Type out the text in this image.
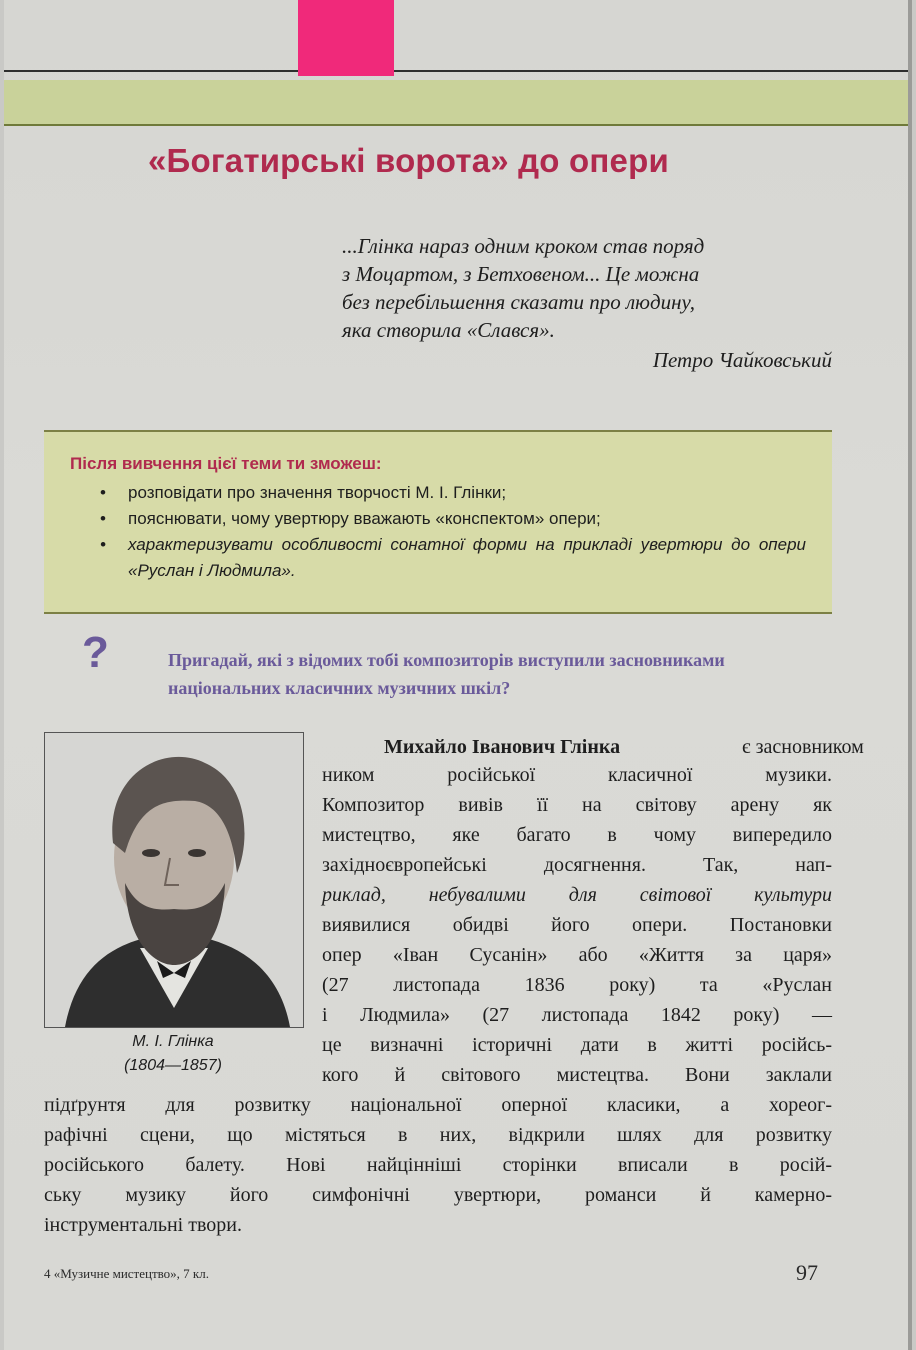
«Богатирські ворота» до опери
...Глінка нараз одним кроком став поряд
з Моцартом, з Бетховеном... Це можна
без перебільшення сказати про людину,
яка створила «Слався».
Петро Чайковський
Після вивчення цієї теми ти зможеш:
• розповідати про значення творчості М. І. Глінки;
• пояснювати, чому увертюру вважають «конспектом» опери;
• характеризувати особливості сонатної форми на прикладі увертюри до опери «Руслан і Людмила».
?	Пригадай, які з відомих тобі композиторів виступили засновниками національних класичних музичних шкіл?
М. І. Глінка
(1804—1857)
Михайло Іванович Глінка	є засновником
ником російської класичної музики.
Композитор вивів її на світову арену як
мистецтво, яке багато в чому випередило
західноєвропейські досягнення. Так, нап-
риклад, небувалими для світової культури
виявилися обидві його опери. Постановки
опер «Іван Сусанін» або «Життя за царя»
(27 листопада 1836 року) та «Руслан
і Людмила» (27 листопада 1842 року) —
це визначні історичні дати в житті російсь-
кого й світового мистецтва. Вони заклали
підґрунтя для розвитку національної оперної класики, а хореог-
рафічні сцени, що містяться в них, відкрили шлях для розвитку
російського балету. Нові найцінніші сторінки вписали в росій-
ську музику його симфонічні увертюри, романси й камерно-
інструментальні твори.
4 «Музичне мистецтво», 7 кл.	97
